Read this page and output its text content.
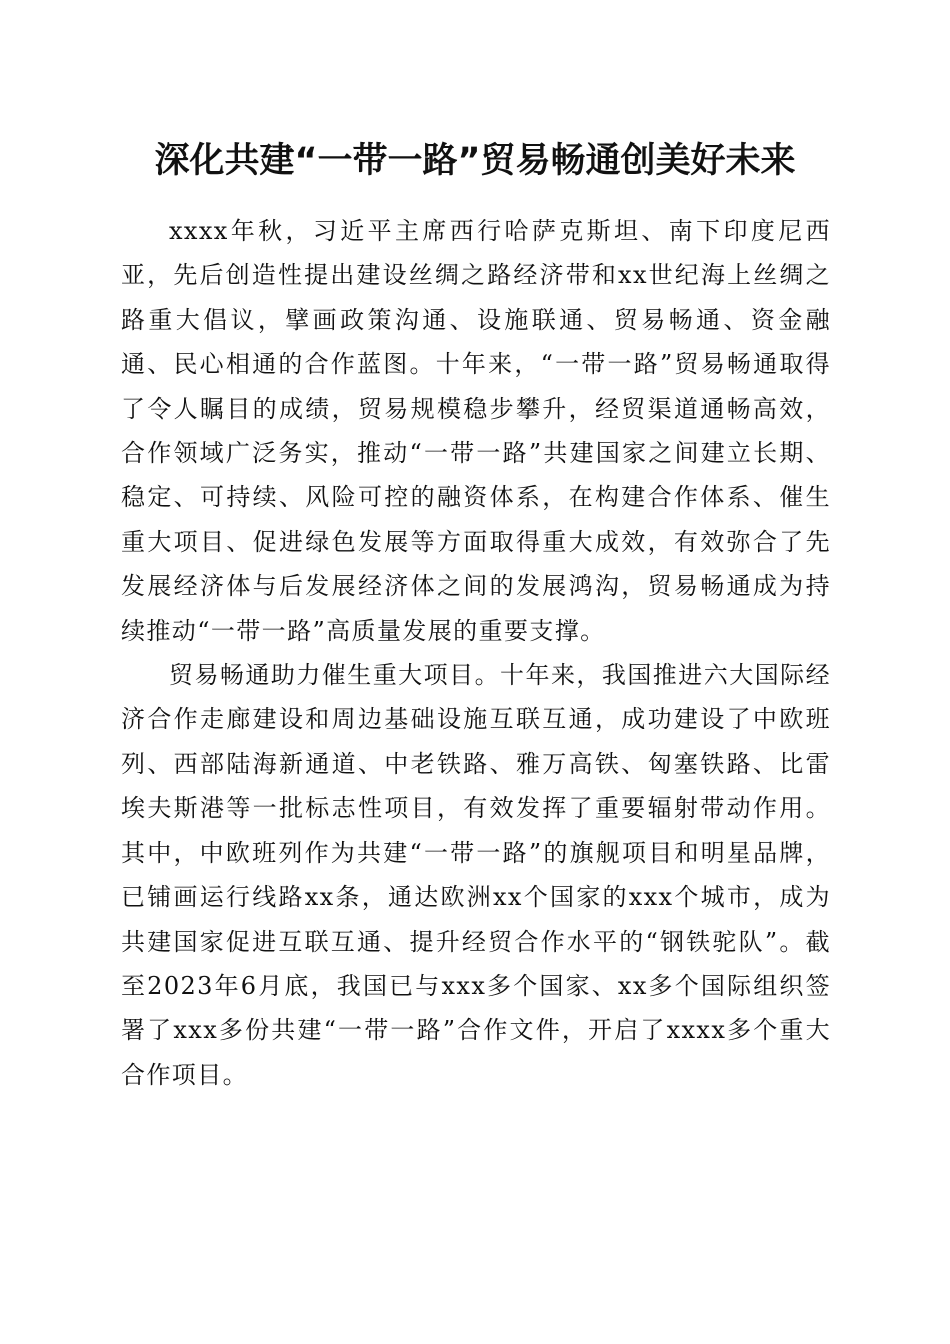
深化共建“一带一路”贸易畅通创美好未来

xxxx年秋，习近平主席西行哈萨克斯坦、南下印度尼西亚，先后创造性提出建设丝绸之路经济带和xx世纪海上丝绸之路重大倡议，擘画政策沟通、设施联通、贸易畅通、资金融通、民心相通的合作蓝图。十年来，“一带一路”贸易畅通取得了令人瞩目的成绩，贸易规模稳步攀升，经贸渠道通畅高效，合作领域广泛务实，推动“一带一路”共建国家之间建立长期、稳定、可持续、风险可控的融资体系，在构建合作体系、催生重大项目、促进绿色发展等方面取得重大成效，有效弥合了先发展经济体与后发展经济体之间的发展鸿沟，贸易畅通成为持续推动“一带一路”高质量发展的重要支撑。

贸易畅通助力催生重大项目。十年来，我国推进六大国际经济合作走廊建设和周边基础设施互联互通，成功建设了中欧班列、西部陆海新通道、中老铁路、雅万高铁、匈塞铁路、比雷埃夫斯港等一批标志性项目，有效发挥了重要辐射带动作用。其中，中欧班列作为共建“一带一路”的旗舰项目和明星品牌，已铺画运行线路xx条，通达欧洲xx个国家的xxx个城市，成为共建国家促进互联互通、提升经贸合作水平的“钢铁驼队”。截至2023年6月底，我国已与xxx多个国家、xx多个国际组织签署了xxx多份共建“一带一路”合作文件，开启了xxxx多个重大合作项目。
